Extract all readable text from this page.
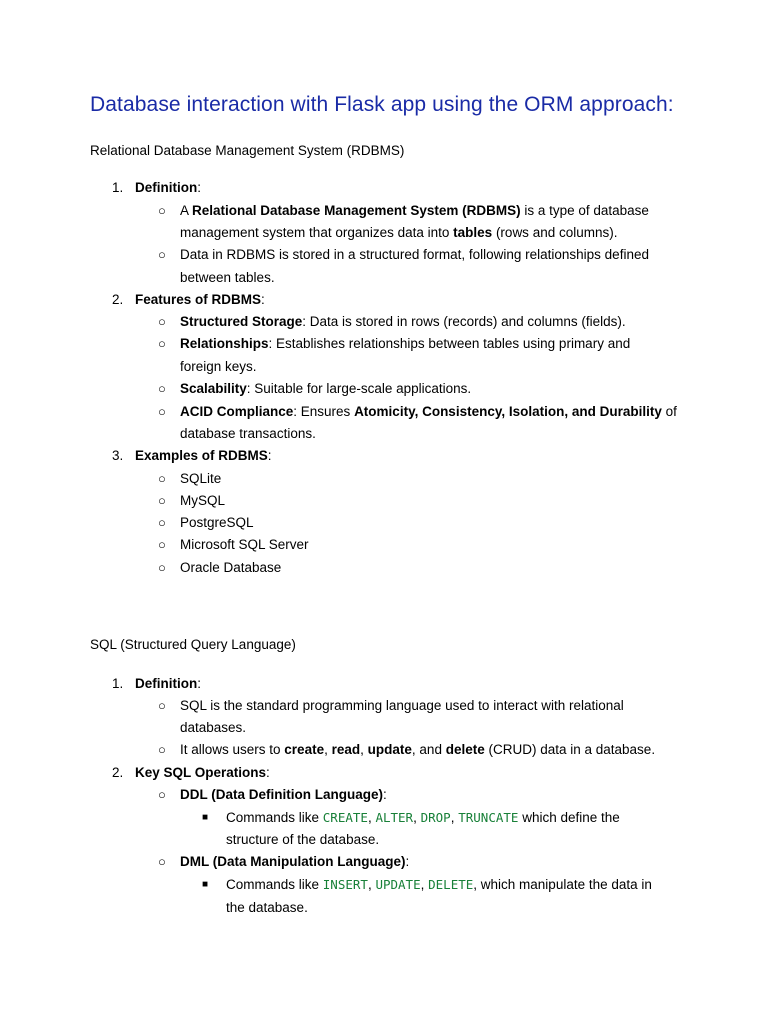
Database interaction with Flask app using the ORM approach:
Relational Database Management System (RDBMS)
1. Definition:
○ A Relational Database Management System (RDBMS) is a type of database
management system that organizes data into tables (rows and columns).
○ Data in RDBMS is stored in a structured format, following relationships defined
between tables.
2. Features of RDBMS:
○ Structured Storage: Data is stored in rows (records) and columns (fields).
○ Relationships: Establishes relationships between tables using primary and
foreign keys.
○ Scalability: Suitable for large-scale applications.
○ ACID Compliance: Ensures Atomicity, Consistency, Isolation, and Durability of
database transactions.
3. Examples of RDBMS:
○ SQLite
○ MySQL
○ PostgreSQL
○ Microsoft SQL Server
○ Oracle Database
SQL (Structured Query Language)
1. Definition:
○ SQL is the standard programming language used to interact with relational
databases.
○ It allows users to create, read, update, and delete (CRUD) data in a database.
2. Key SQL Operations:
○ DDL (Data Definition Language):
■ Commands like CREATE, ALTER, DROP, TRUNCATE which define the
structure of the database.
○ DML (Data Manipulation Language):
■ Commands like INSERT, UPDATE, DELETE, which manipulate the data in
the database.
